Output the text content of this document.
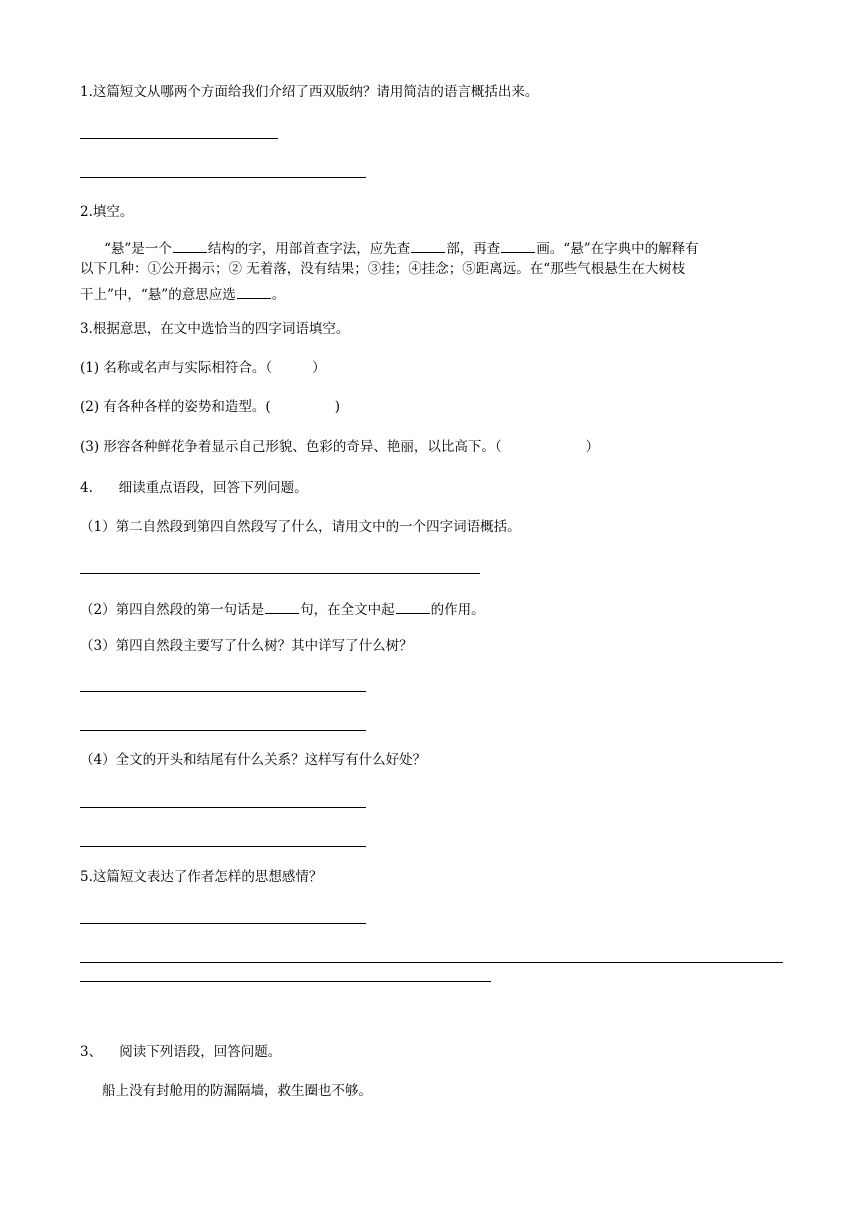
1.这篇短文从哪两个方面给我们介绍了西双版纳？请用简洁的语言概括出来。
2.填空。
“悬”是一个	结构的字，用部首查字法，应先查	部，再查	画。“悬”在字典中的解释有
以下几种：①公开揭示；② 无着落，没有结果；③挂；④挂念；⑤距离远。在“那些气根悬生在大树枝
干上”中，“悬”的意思应选	。
3.根据意思，在文中选恰当的四字词语填空。
(1) 名称或名声与实际相符合。（	）
(2) 有各种各样的姿势和造型。(	)
(3) 形容各种鲜花争着显示自己形貌、色彩的奇异、艳丽，以比高下。（	）
4.      细读重点语段，回答下列问题。
（1）第二自然段到第四自然段写了什么，请用文中的一个四字词语概括。
（2）第四自然段的第一句话是	句，在全文中起	的作用。
（3）第四自然段主要写了什么树？其中详写了什么树？
（4）全文的开头和结尾有什么关系？这样写有什么好处？
5.这篇短文表达了作者怎样的思想感情？
3、    阅读下列语段，回答问题。
船上没有封舱用的防漏隔墙，救生圈也不够。
